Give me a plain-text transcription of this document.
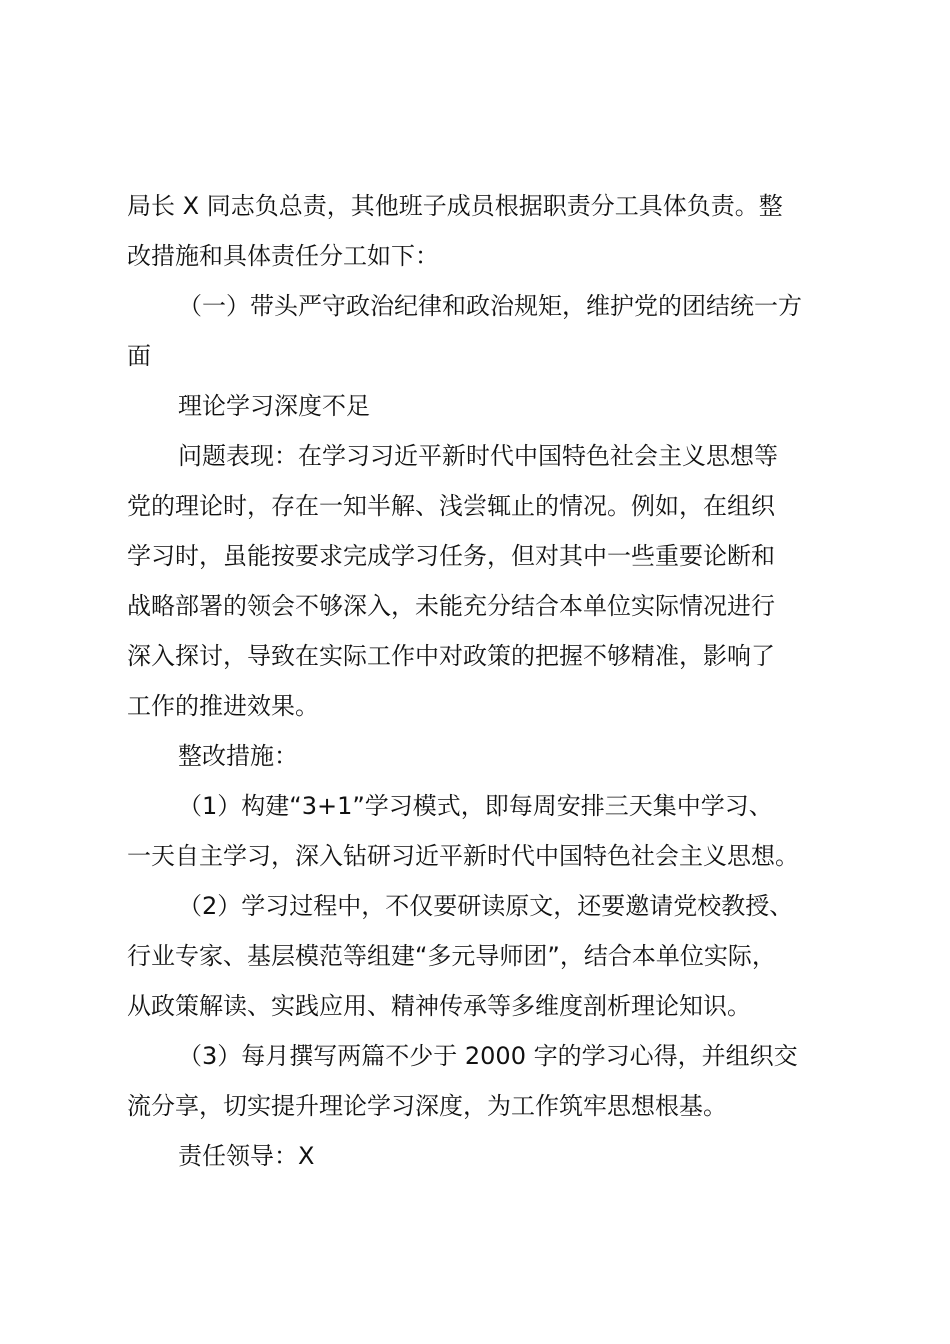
局长 X 同志负总责，其他班子成员根据职责分工具体负责。整
改措施和具体责任分工如下：
（一）带头严守政治纪律和政治规矩，维护党的团结统一方
面
理论学习深度不足
问题表现：在学习习近平新时代中国特色社会主义思想等
党的理论时，存在一知半解、浅尝辄止的情况。例如，在组织
学习时，虽能按要求完成学习任务，但对其中一些重要论断和
战略部署的领会不够深入，未能充分结合本单位实际情况进行
深入探讨，导致在实际工作中对政策的把握不够精准，影响了
工作的推进效果。
整改措施：
（1）构建“3+1”学习模式，即每周安排三天集中学习、
一天自主学习，深入钻研习近平新时代中国特色社会主义思想。
（2）学习过程中，不仅要研读原文，还要邀请党校教授、
行业专家、基层模范等组建“多元导师团”，结合本单位实际，
从政策解读、实践应用、精神传承等多维度剖析理论知识。
（3）每月撰写两篇不少于 2000 字的学习心得，并组织交
流分享，切实提升理论学习深度，为工作筑牢思想根基。
责任领导：X
